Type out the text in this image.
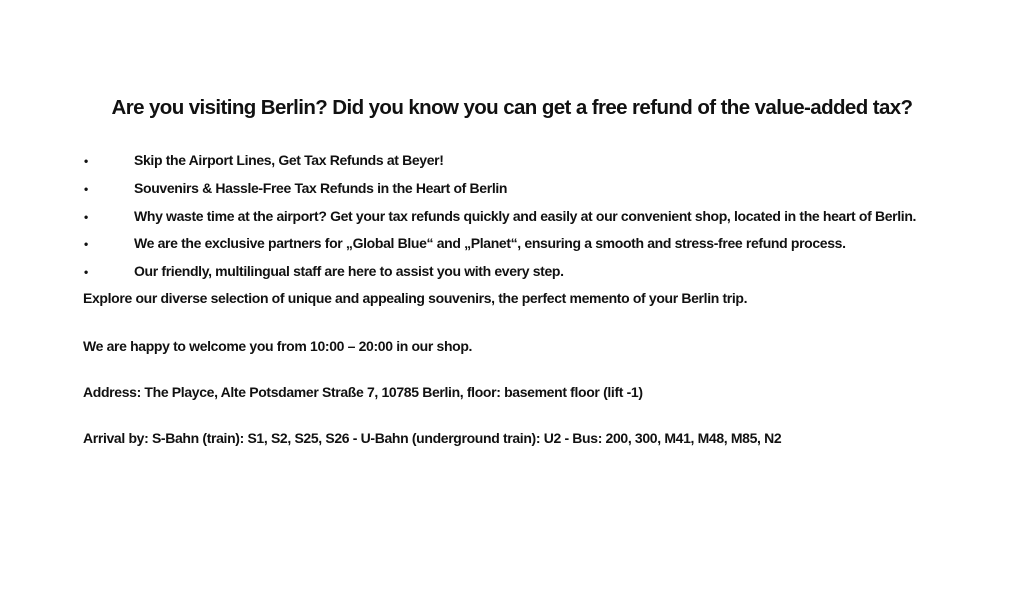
Are you visiting Berlin? Did you know you can get a free refund of the value-added tax?
•	Skip the Airport Lines, Get Tax Refunds at Beyer!
•	Souvenirs & Hassle-Free Tax Refunds in the Heart of Berlin
•	Why waste time at the airport? Get your tax refunds quickly and easily at our convenient shop, located in the heart of Berlin.
•	We are the exclusive partners for „Global Blue“ and „Planet“, ensuring a smooth and stress-free refund process.
•	Our friendly, multilingual staff are here to assist you with every step.

Explore our diverse selection of unique and appealing souvenirs, the perfect memento of your Berlin trip.

We are happy to welcome you from 10:00 – 20:00 in our shop.

Address: The Playce, Alte Potsdamer Straße 7, 10785 Berlin, floor: basement floor (lift -1)

Arrival by: S-Bahn (train): S1, S2, S25, S26 - U-Bahn (underground train): U2 - Bus: 200, 300, M41, M48, M85, N2
